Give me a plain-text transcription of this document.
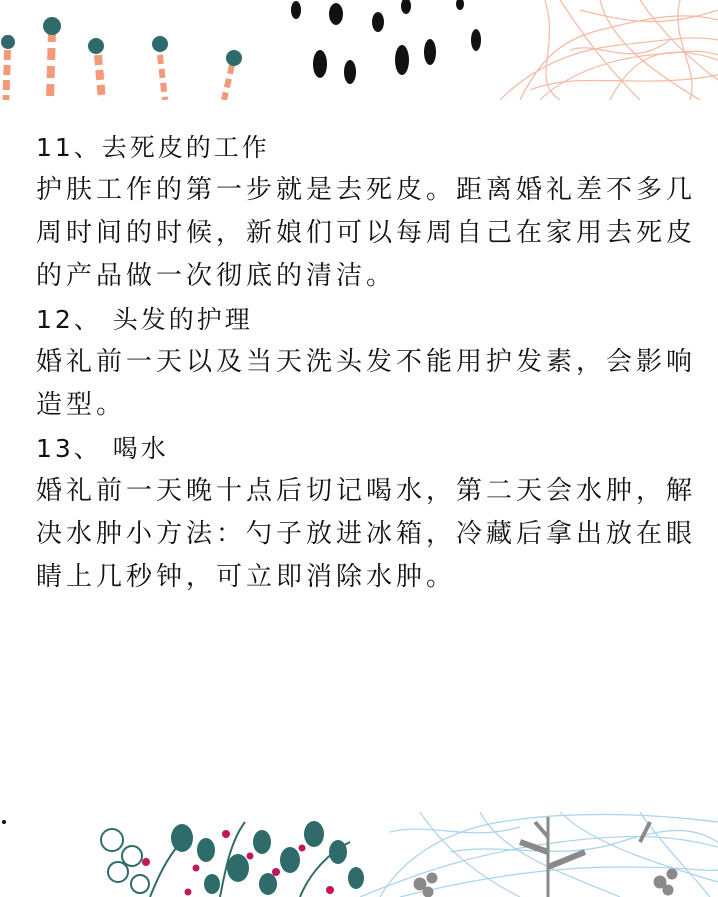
11、去死皮的工作

护肤工作的第一步就是去死皮。距离婚礼差不多几周时间的时候，新娘们可以每周自己在家用去死皮的产品做一次彻底的清洁。

12、 头发的护理

婚礼前一天以及当天洗头发不能用护发素，会影响造型。

13、 喝水

婚礼前一天晚十点后切记喝水，第二天会水肿，解决水肿小方法：勺子放进冰箱，冷藏后拿出放在眼睛上几秒钟，可立即消除水肿。
